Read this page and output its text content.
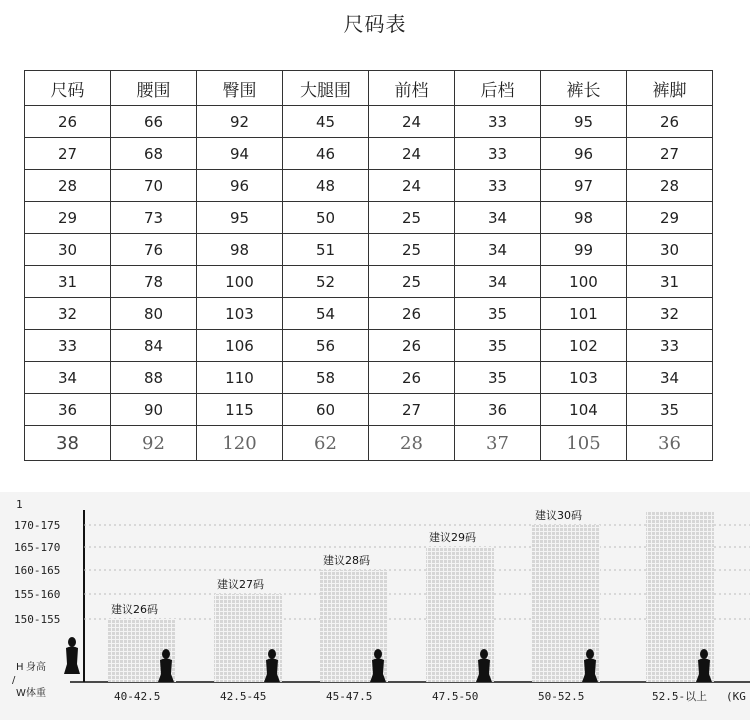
尺码表
尺码	腰围	臀围	大腿围	前档	后档	裤长	裤脚
26	66	92	45	24	33	95	26
27	68	94	46	24	33	96	27
28	70	96	48	24	33	97	28
29	73	95	50	25	34	98	29
30	76	98	51	25	34	99	30
31	78	100	52	25	34	100	31
32	80	103	54	26	35	101	32
33	84	106	56	26	35	102	33
34	88	110	58	26	35	103	34
36	90	115	60	27	36	104	35
38	92	120	62	28	37	105	36
1
150-155
155-160
160-165
165-170
170-175
建议26码
40-42.5
建议27码
42.5-45
建议28码
45-47.5
建议29码
47.5-50
建议30码
50-52.5	52.5-以上 (KG
H 身高
/
W 体重
